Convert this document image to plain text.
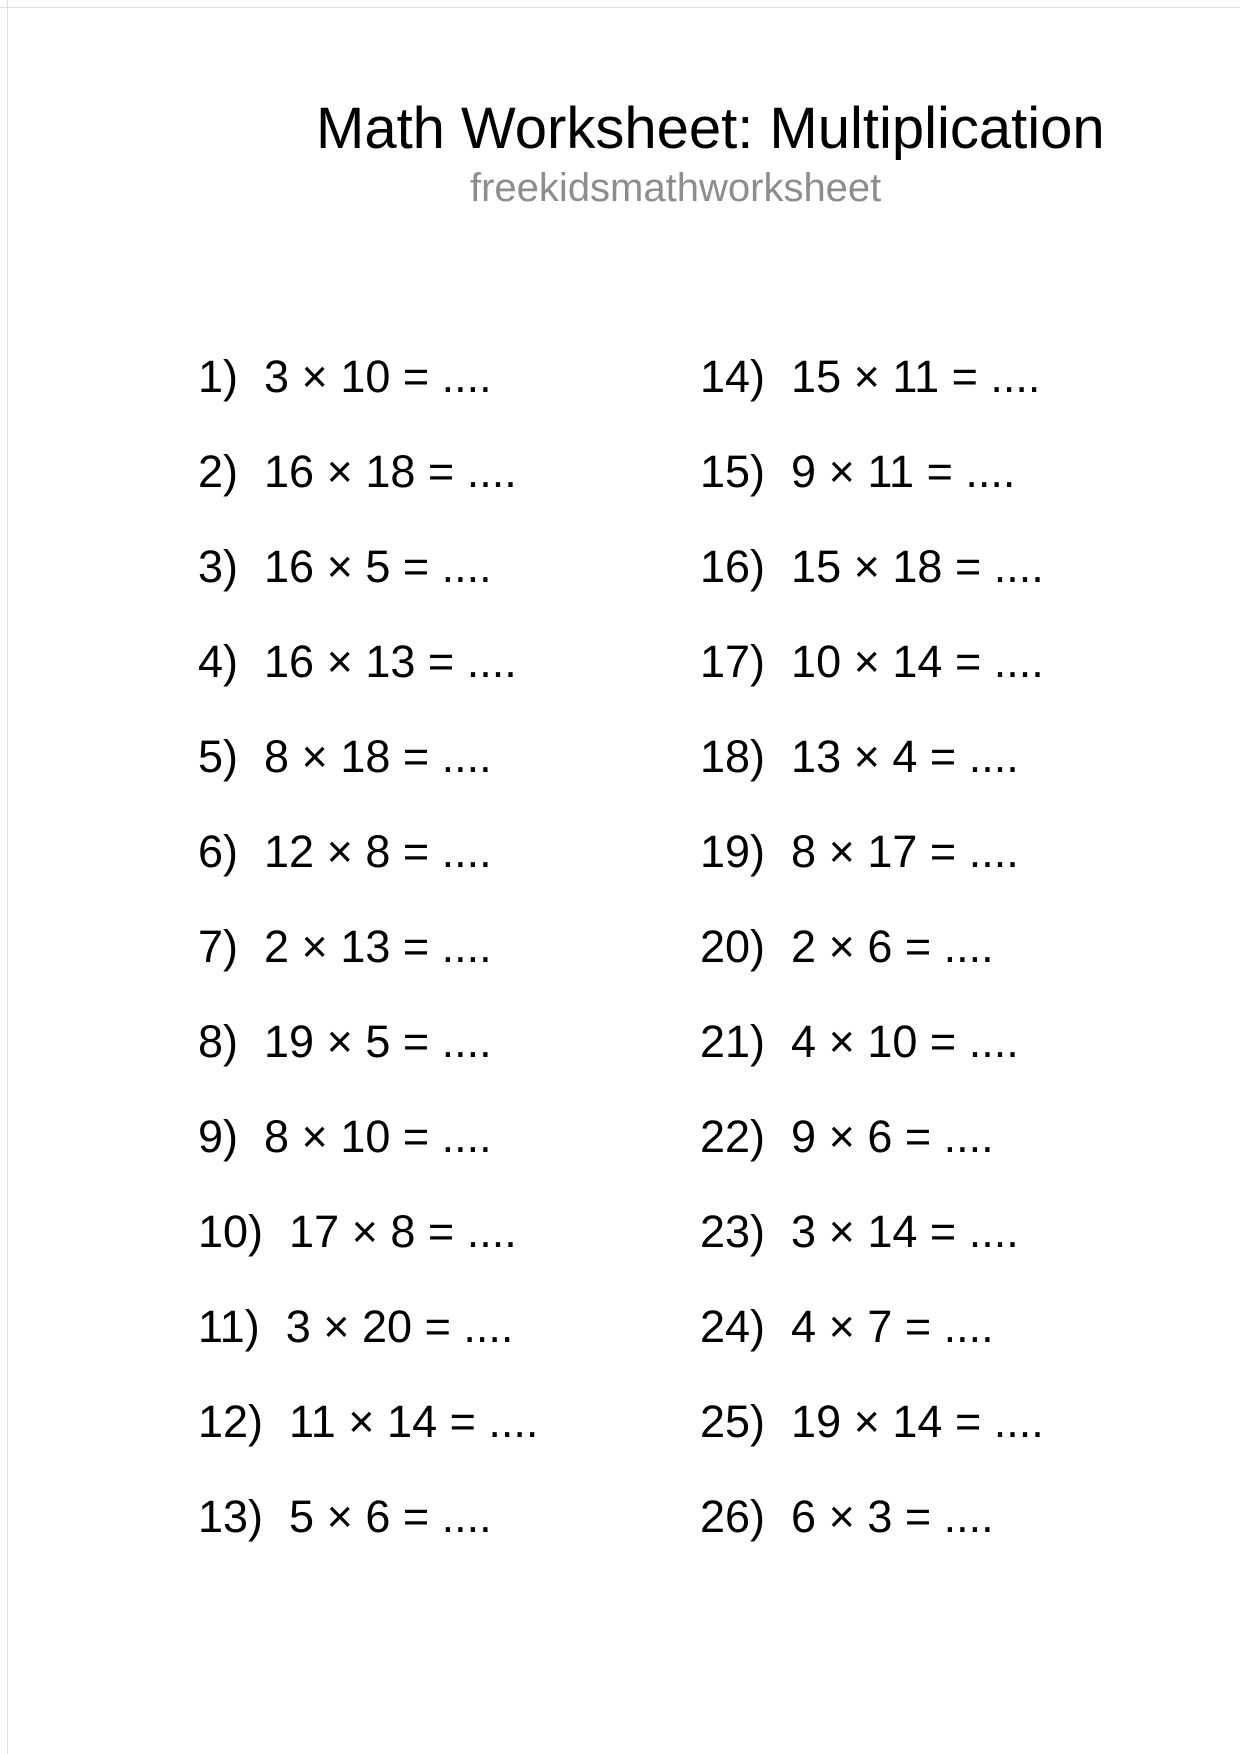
Math Worksheet: Multiplication
freekidsmathworksheet
1) 3 × 10 = ....
2) 16 × 18 = ....
3) 16 × 5 = ....
4) 16 × 13 = ....
5) 8 × 18 = ....
6) 12 × 8 = ....
7) 2 × 13 = ....
8) 19 × 5 = ....
9) 8 × 10 = ....
10) 17 × 8 = ....
11) 3 × 20 = ....
12) 11 × 14 = ....
13) 5 × 6 = ....
14) 15 × 11 = ....
15) 9 × 11 = ....
16) 15 × 18 = ....
17) 10 × 14 = ....
18) 13 × 4 = ....
19) 8 × 17 = ....
20) 2 × 6 = ....
21) 4 × 10 = ....
22) 9 × 6 = ....
23) 3 × 14 = ....
24) 4 × 7 = ....
25) 19 × 14 = ....
26) 6 × 3 = ....
